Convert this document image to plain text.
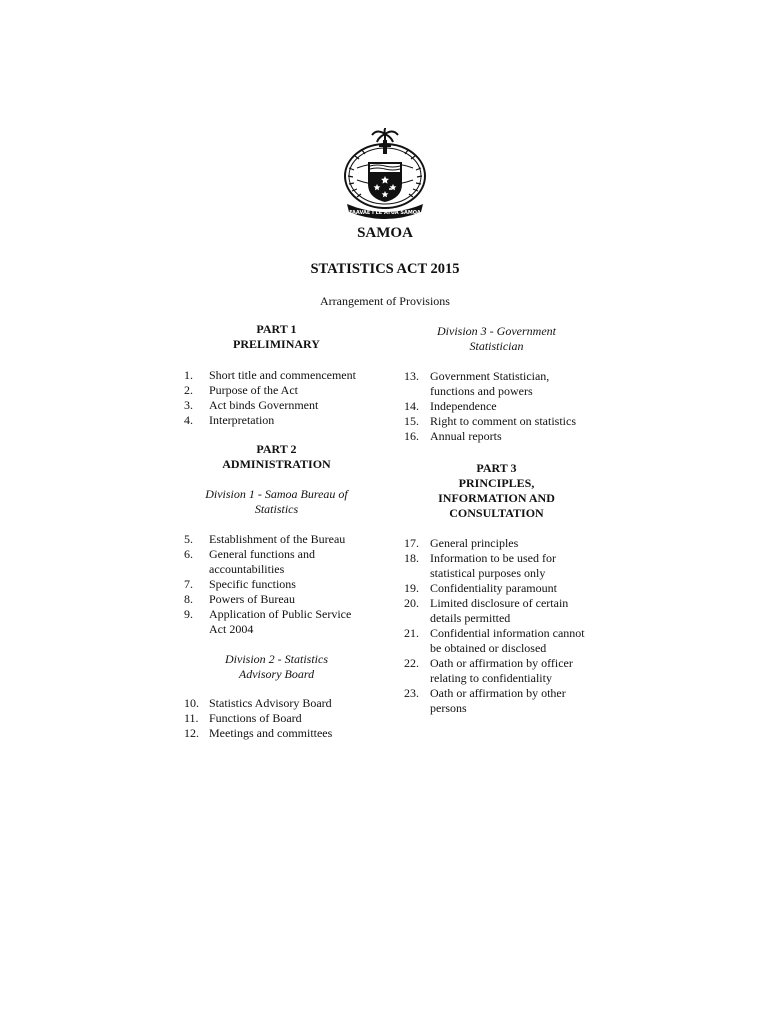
FAAVAE I LE ATUA SAMOA
SAMOA
STATISTICS ACT 2015
Arrangement of Provisions
PART 1
PRELIMINARY
1.	Short title and commencement
2.	Purpose of the Act
3.	Act binds Government
4.	Interpretation
PART 2
ADMINISTRATION
Division 1 - Samoa Bureau of Statistics
5.	Establishment of the Bureau
6.	General functions and accountabilities
7.	Specific functions
8.	Powers of Bureau
9.	Application of Public Service Act 2004
Division 2 - Statistics Advisory Board
10. Statistics Advisory Board
11. Functions of Board
12. Meetings and committees
Division 3 - Government Statistician
13. Government Statistician, functions and powers
14. Independence
15. Right to comment on statistics
16. Annual reports
PART 3
PRINCIPLES, INFORMATION AND CONSULTATION
17. General principles
18. Information to be used for statistical purposes only
19. Confidentiality paramount
20. Limited disclosure of certain details permitted
21. Confidential information cannot be obtained or disclosed
22. Oath or affirmation by officer relating to confidentiality
23. Oath or affirmation by other persons
